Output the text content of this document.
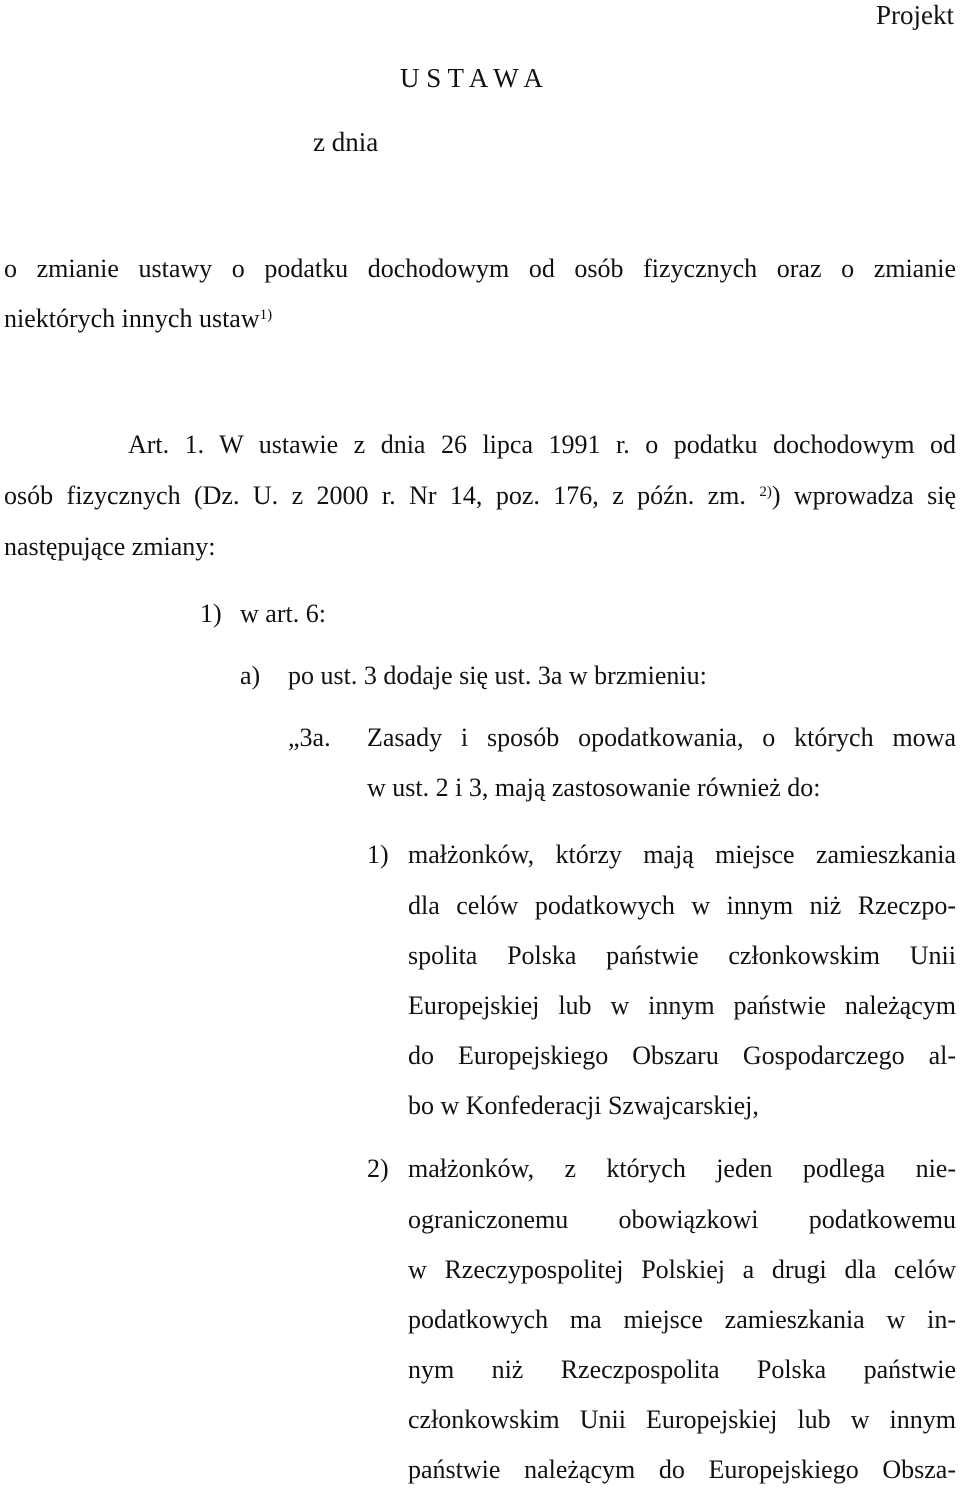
Projekt
U S T A W A
z dnia
o zmianie ustawy o podatku dochodowym od osób fizycznych oraz o zmianie
niektórych innych ustaw$^{1)}$
Art. 1. W ustawie z dnia 26 lipca 1991 r. o podatku dochodowym od
osób fizycznych (Dz. U. z 2000 r. Nr 14, poz. 176, z późn. zm. $^{2)}$) wprowadza się
następujące zmiany:
1) w art. 6:
a) po ust. 3 dodaje się ust. 3a w brzmieniu:
„3a. Zasady i sposób opodatkowania, o których mowa
w ust. 2 i 3, mają zastosowanie również do:
1) małżonków, którzy mają miejsce zamieszkania
dla celów podatkowych w innym niż Rzeczpo-
spolita Polska państwie członkowskim Unii
Europejskiej lub w innym państwie należącym
do Europejskiego Obszaru Gospodarczego al-
bo w Konfederacji Szwajcarskiej,
2) małżonków, z których jeden podlega nie-
ograniczonemu obowiązkowi podatkowemu
w Rzeczypospolitej Polskiej a drugi dla celów
podatkowych ma miejsce zamieszkania w in-
nym niż Rzeczpospolita Polska państwie
członkowskim Unii Europejskiej lub w innym
państwie należącym do Europejskiego Obsza-
